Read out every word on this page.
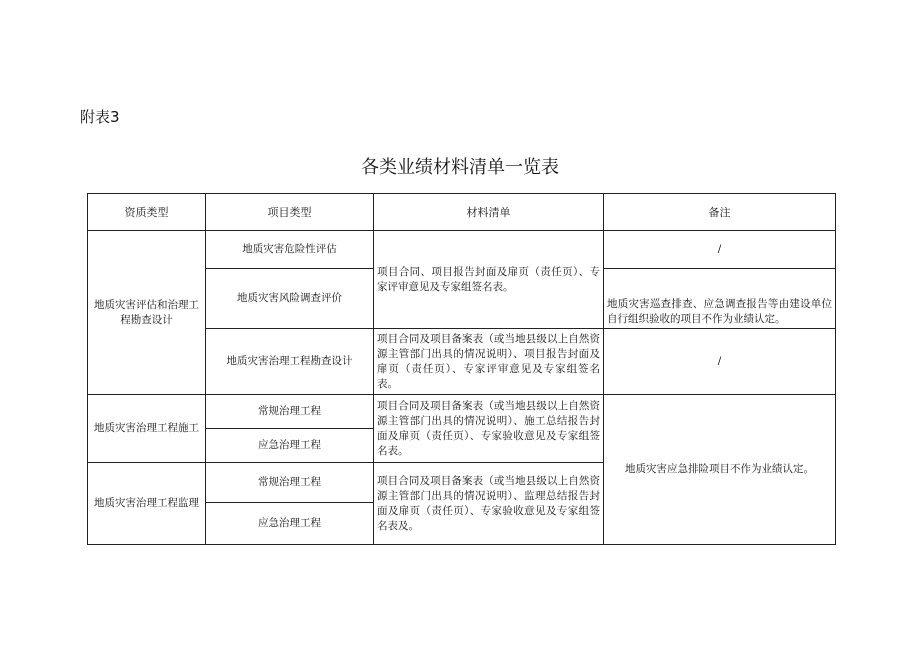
附表3
各类业绩材料清单一览表
资质类型	项目类型	材料清单	备注
地质灾害评估和治理工程勘查设计	地质灾害危险性评估	项目合同、项目报告封面及扉页（责任页）、专家评审意见及专家组签名表。	/
	地质灾害风险调查评价		地质灾害巡查排查、应急调查报告等由建设单位自行组织验收的项目不作为业绩认定。
	地质灾害治理工程勘查设计	项目合同及项目备案表（或当地县级以上自然资源主管部门出具的情况说明）、项目报告封面及扉页（责任页）、专家评审意见及专家组签名表。	/
地质灾害治理工程施工	常规治理工程	项目合同及项目备案表（或当地县级以上自然资源主管部门出具的情况说明）、施工总结报告封面及扉页（责任页）、专家验收意见及专家组签名表。	地质灾害应急排险项目不作为业绩认定。
	应急治理工程		
地质灾害治理工程监理	常规治理工程	项目合同及项目备案表（或当地县级以上自然资源主管部门出具的情况说明）、监理总结报告封面及扉页（责任页）、专家验收意见及专家组签名表及。	
	应急治理工程		
